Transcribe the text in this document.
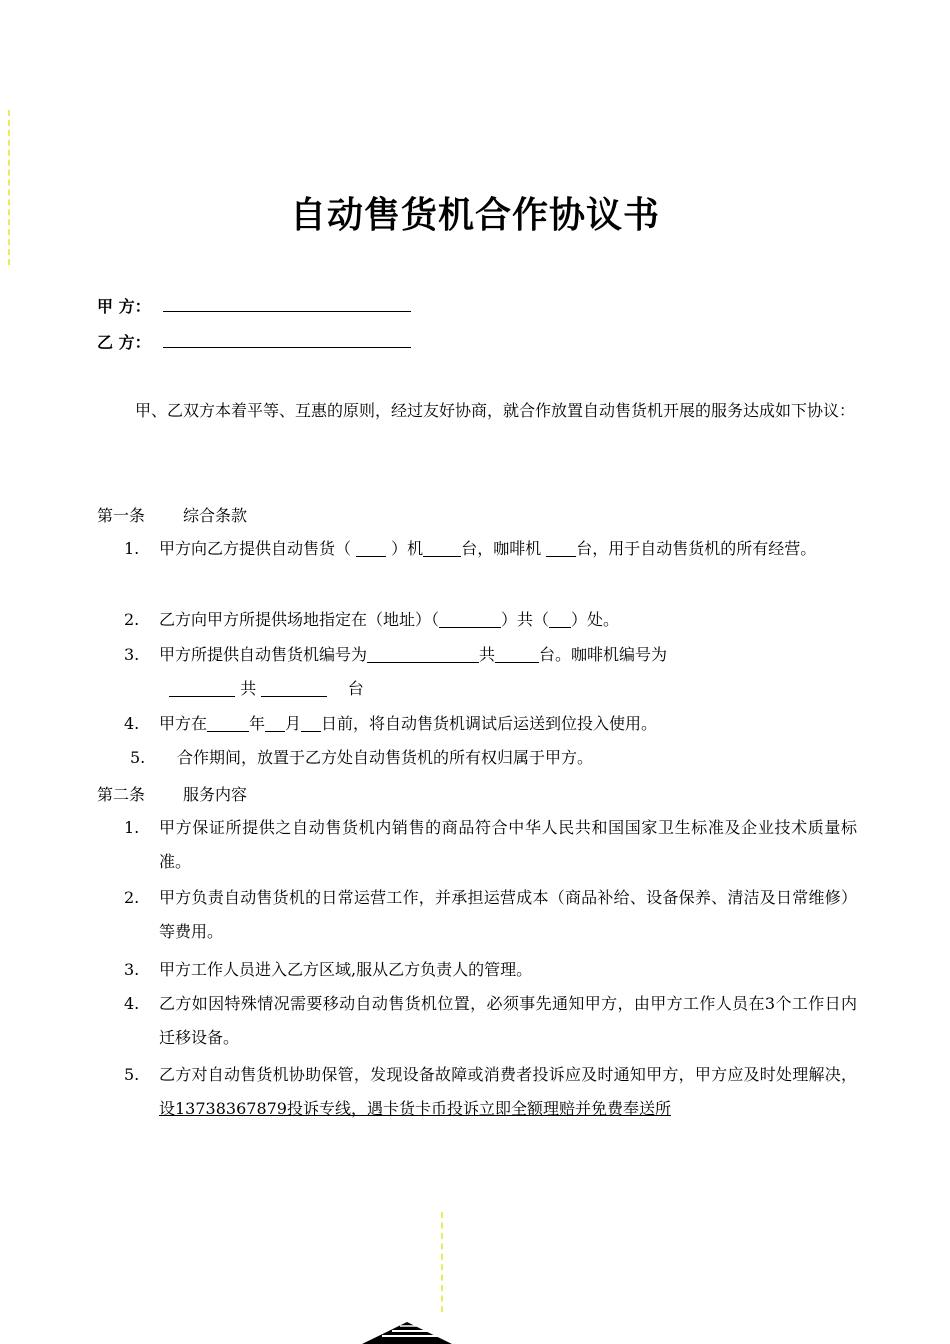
自动售货机合作协议书
甲 方：
乙 方：
甲、乙双方本着平等、互惠的原则，经过友好协商，就合作放置自动售货机开展的服务达成如下协议：
第一条 综合条款
1. 甲方向乙方提供自动售货（  ）机 台，咖啡机 台，用于自动售货机的所有经营。
2. 乙方向甲方所提供场地指定在（地址）（	）共（ ）处。
3. 甲方所提供自动售货机编号为	共	台。咖啡机编号为
共	台
4. 甲方在	年 月 日前，将自动售货机调试后运送到位投入使用。
5. 合作期间，放置于乙方处自动售货机的所有权归属于甲方。
第二条 服务内容
1. 甲方保证所提供之自动售货机内销售的商品符合中华人民共和国国家卫生标准及企业技术质量标准。
2. 甲方负责自动售货机的日常运营工作，并承担运营成本（商品补给、设备保养、清洁及日常维修）等费用。
3. 甲方工作人员进入乙方区域,服从乙方负责人的管理。
4. 乙方如因特殊情况需要移动自动售货机位置，必须事先通知甲方，由甲方工作人员在3个工作日内迁移设备。
5. 乙方对自动售货机协助保管，发现设备故障或消费者投诉应及时通知甲方，甲方应及时处理解决，设13738367879投诉专线，遇卡货卡币投诉立即全额理赔并免费奉送所
